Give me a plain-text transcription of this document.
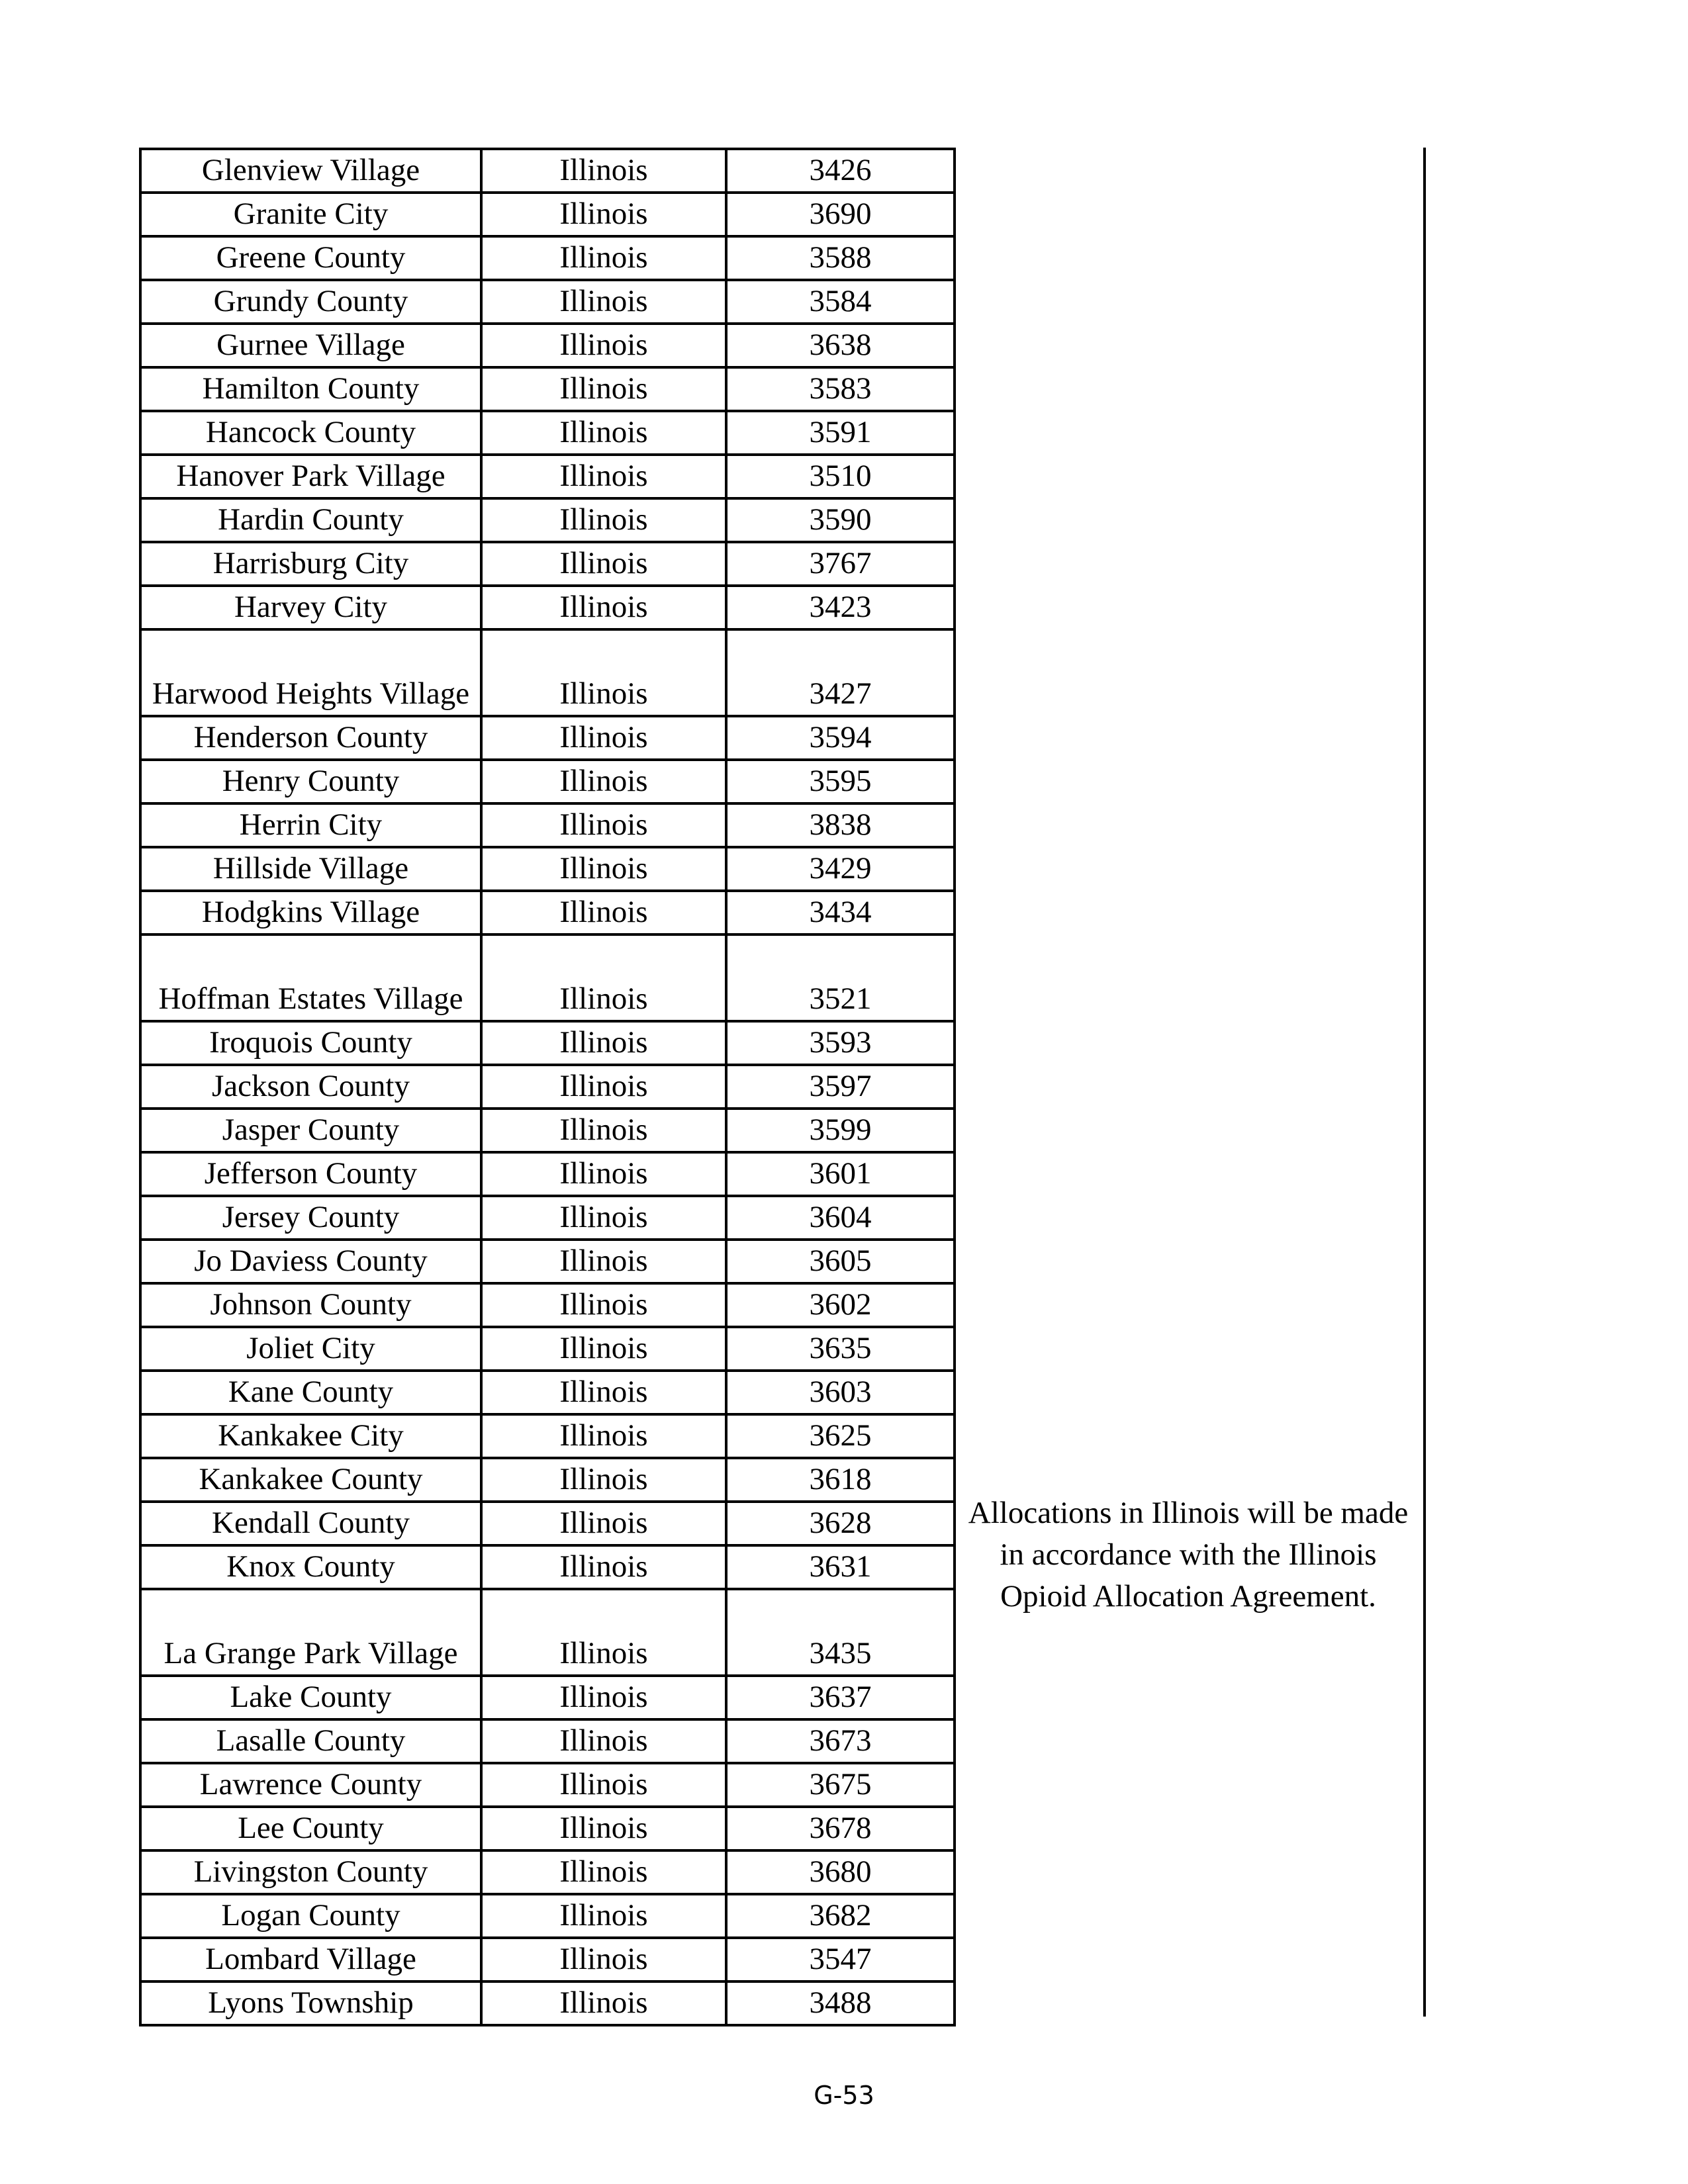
Glenview Village	Illinois	3426
Granite City	Illinois	3690
Greene County	Illinois	3588
Grundy County	Illinois	3584
Gurnee Village	Illinois	3638
Hamilton County	Illinois	3583
Hancock County	Illinois	3591
Hanover Park Village	Illinois	3510
Hardin County	Illinois	3590
Harrisburg City	Illinois	3767
Harvey City	Illinois	3423
Harwood Heights Village	Illinois	3427
Henderson County	Illinois	3594
Henry County	Illinois	3595
Herrin City	Illinois	3838
Hillside Village	Illinois	3429
Hodgkins Village	Illinois	3434
Hoffman Estates Village	Illinois	3521
Iroquois County	Illinois	3593
Jackson County	Illinois	3597
Jasper County	Illinois	3599
Jefferson County	Illinois	3601
Jersey County	Illinois	3604
Jo Daviess County	Illinois	3605
Johnson County	Illinois	3602
Joliet City	Illinois	3635
Kane County	Illinois	3603
Kankakee City	Illinois	3625
Kankakee County	Illinois	3618
Kendall County	Illinois	3628
Knox County	Illinois	3631
La Grange Park Village	Illinois	3435
Lake County	Illinois	3637
Lasalle County	Illinois	3673
Lawrence County	Illinois	3675
Lee County	Illinois	3678
Livingston County	Illinois	3680
Logan County	Illinois	3682
Lombard Village	Illinois	3547
Lyons Township	Illinois	3488
Allocations in Illinois will be made in accordance with the Illinois Opioid Allocation Agreement.
G-53
